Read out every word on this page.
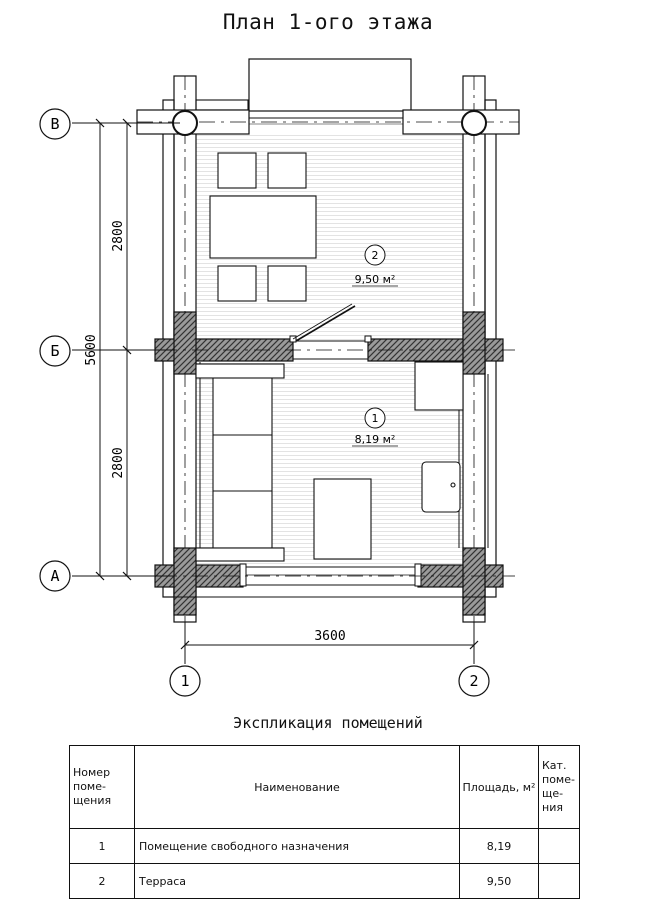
План 1-ого этажа
5600
2800
2800
3600
В
Б
А
1	2
2
9,50 м²
1
8,19 м²
Экспликация помещений
Номер поме-щения	Наименование	Площадь, м²	Кат. поме-ще-ния
1	Помещение свободного назначения	8,19	
2	Терраса	9,50	
